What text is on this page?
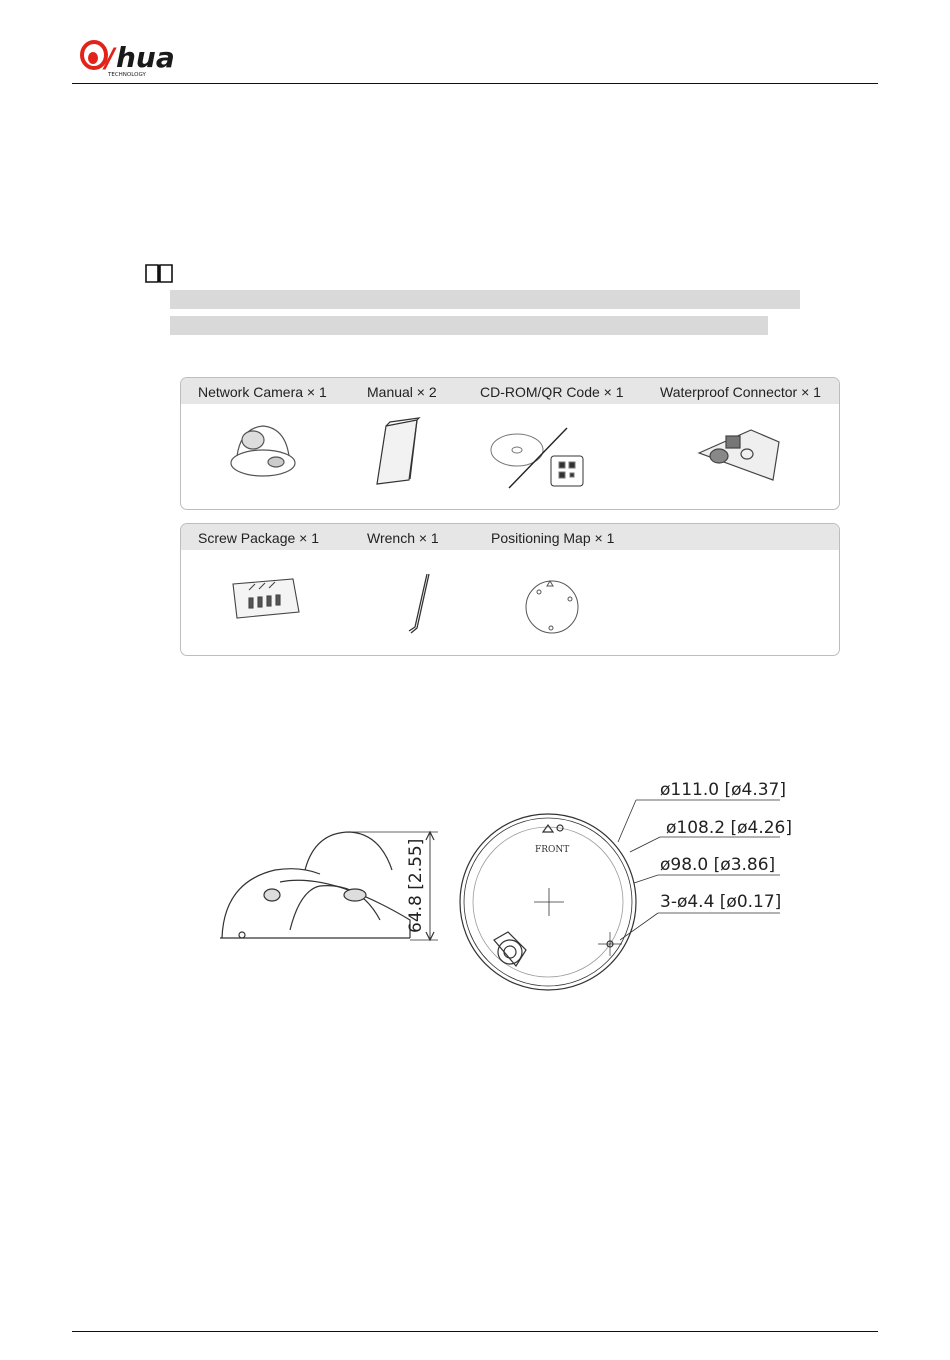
/ hua
TECHNOLOGY
Network Camera × 1	Manual × 2	CD-ROM/QR Code × 1	Waterproof Connector × 1
Screw Package × 1	Wrench × 1	Positioning Map × 1
64.8 [2.55]	FRONT
ø111.0 [ø4.37]
ø108.2 [ø4.26]
ø98.0 [ø3.86]
3-ø4.4 [ø0.17]
